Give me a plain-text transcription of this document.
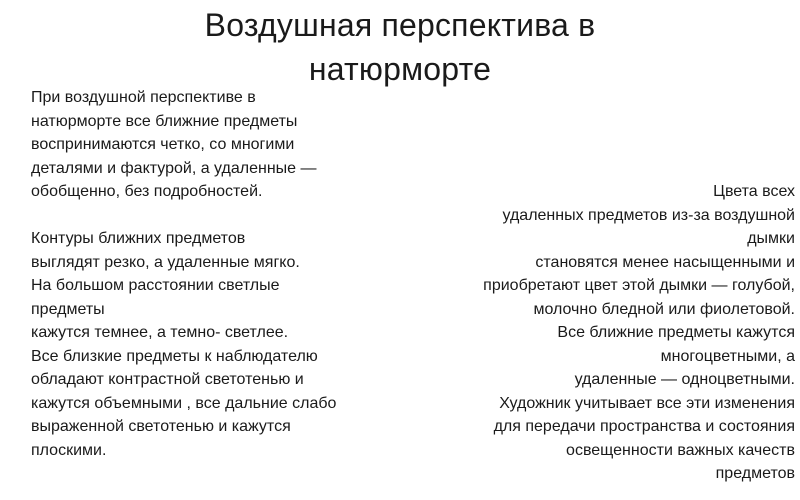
Воздушная перспектива в натюрморте
При воздушной перспективе в
натюрморте все ближние предметы
воспринимаются четко, со многими
деталями и фактурой, а удаленные —
обобщенно, без подробностей.
Контуры ближних предметов
выглядят резко, а удаленные мягко.
На большом расстоянии светлые
предметы
кажутся темнее, а темно- светлее.
Все близкие предметы к наблюдателю
обладают контрастной светотенью и
кажутся объемными , все дальние слабо
выраженной светотенью и кажутся
плоскими.
Цвета всех
удаленных предметов из-за воздушной
дымки
становятся менее насыщенными и
приобретают цвет этой дымки — голубой,
молочно бледной или фиолетовой.
Все ближние предметы кажутся
многоцветными, а
удаленные — одноцветными.
Художник учитывает все эти изменения
для передачи пространства и состояния
освещенности важных качеств
предметов
